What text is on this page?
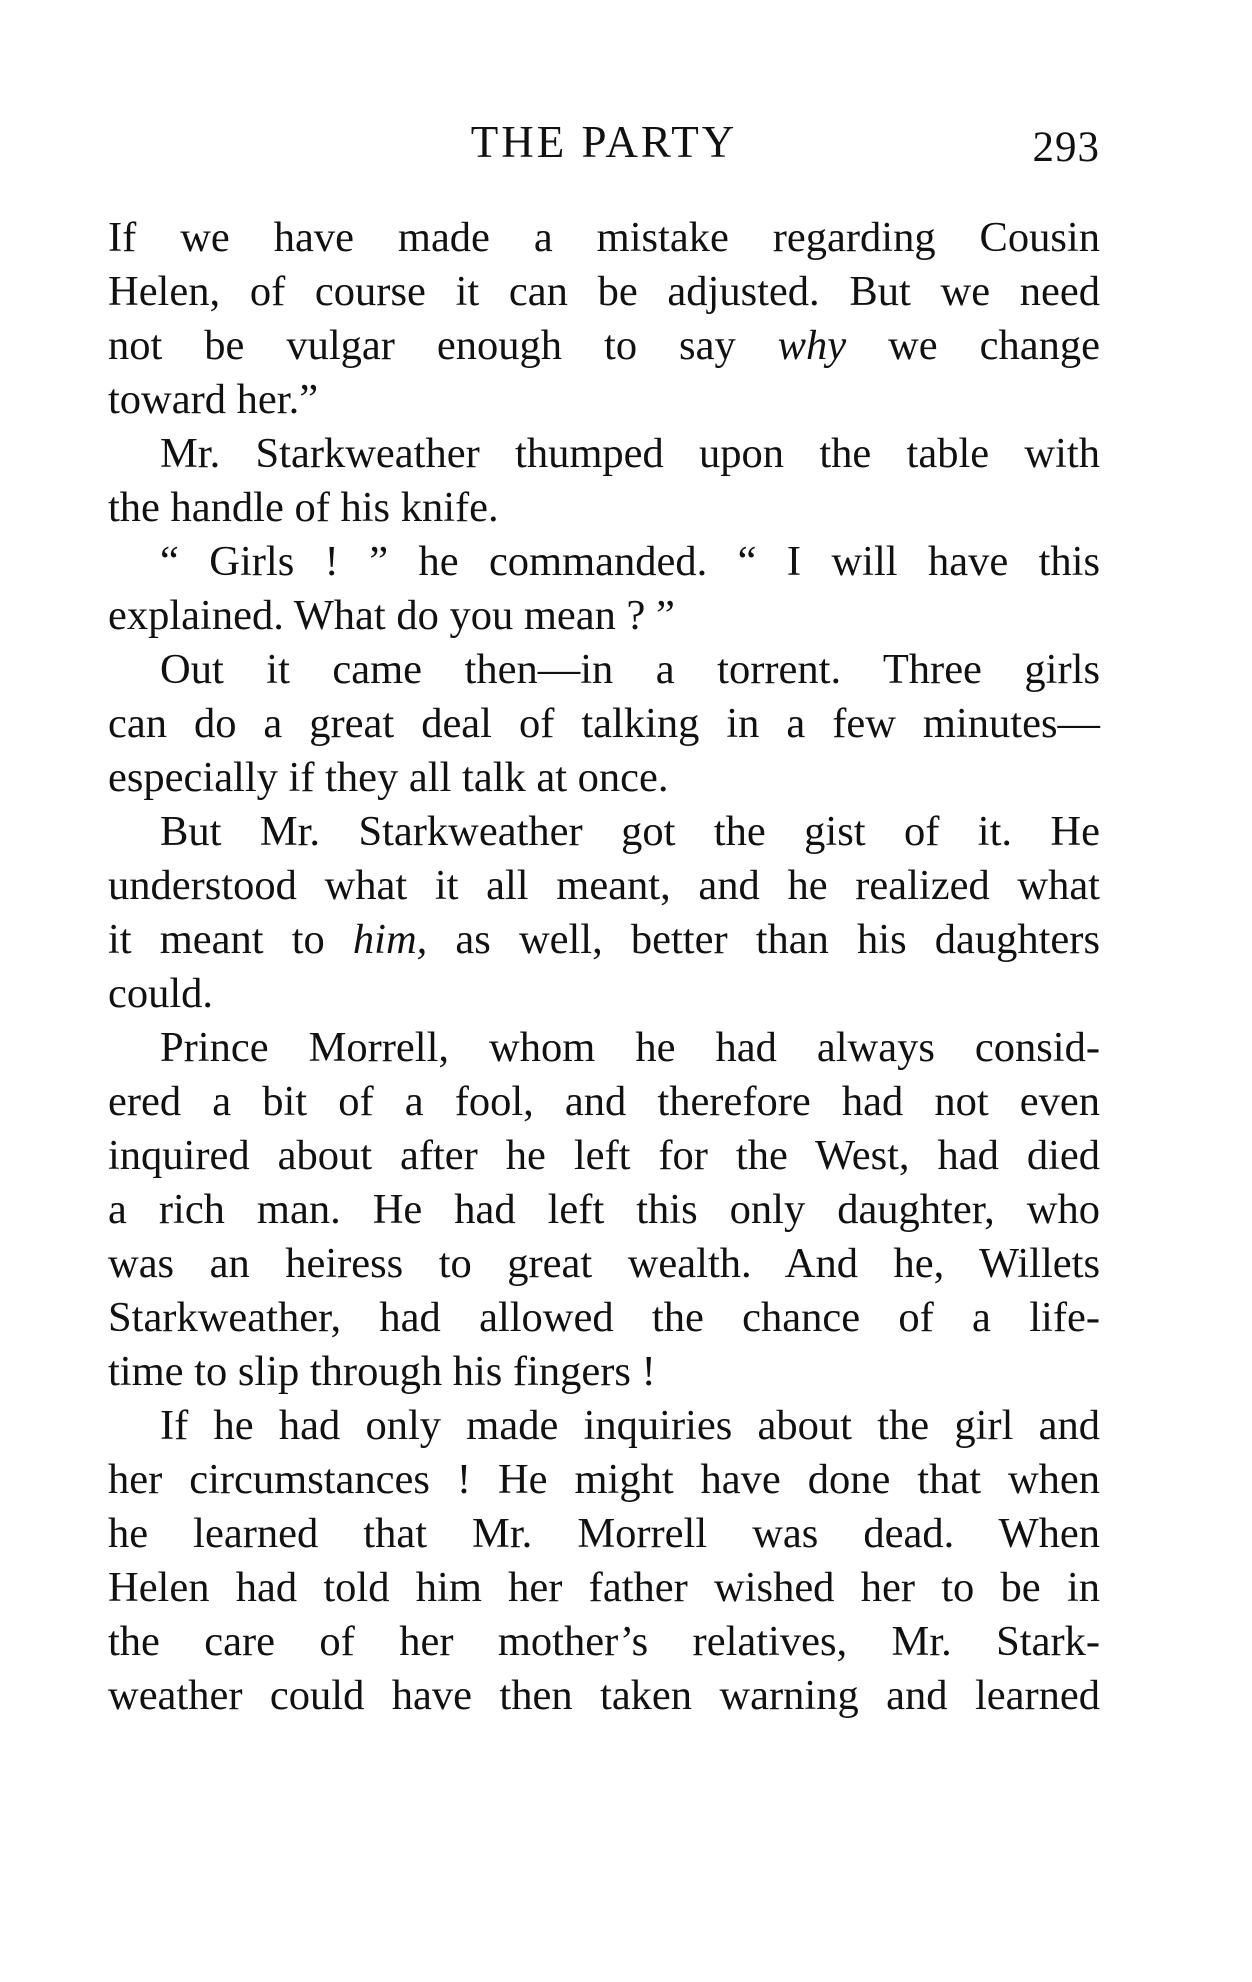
THE PARTY	293
If we have made a mistake regarding Cousin
Helen, of course it can be adjusted. But we need
not be vulgar enough to say why we change
toward her.”
Mr. Starkweather thumped upon the table with
the handle of his knife.
“ Girls ! ” he commanded. “ I will have this
explained. What do you mean ? ”
Out it came then—in a torrent. Three girls
can do a great deal of talking in a few minutes—
especially if they all talk at once.
But Mr. Starkweather got the gist of it. He
understood what it all meant, and he realized what
it meant to him, as well, better than his daughters
could.
Prince Morrell, whom he had always consid-
ered a bit of a fool, and therefore had not even
inquired about after he left for the West, had died
a rich man. He had left this only daughter, who
was an heiress to great wealth. And he, Willets
Starkweather, had allowed the chance of a life-
time to slip through his fingers !
If he had only made inquiries about the girl and
her circumstances ! He might have done that when
he learned that Mr. Morrell was dead. When
Helen had told him her father wished her to be in
the care of her mother’s relatives, Mr. Stark-
weather could have then taken warning and learned
